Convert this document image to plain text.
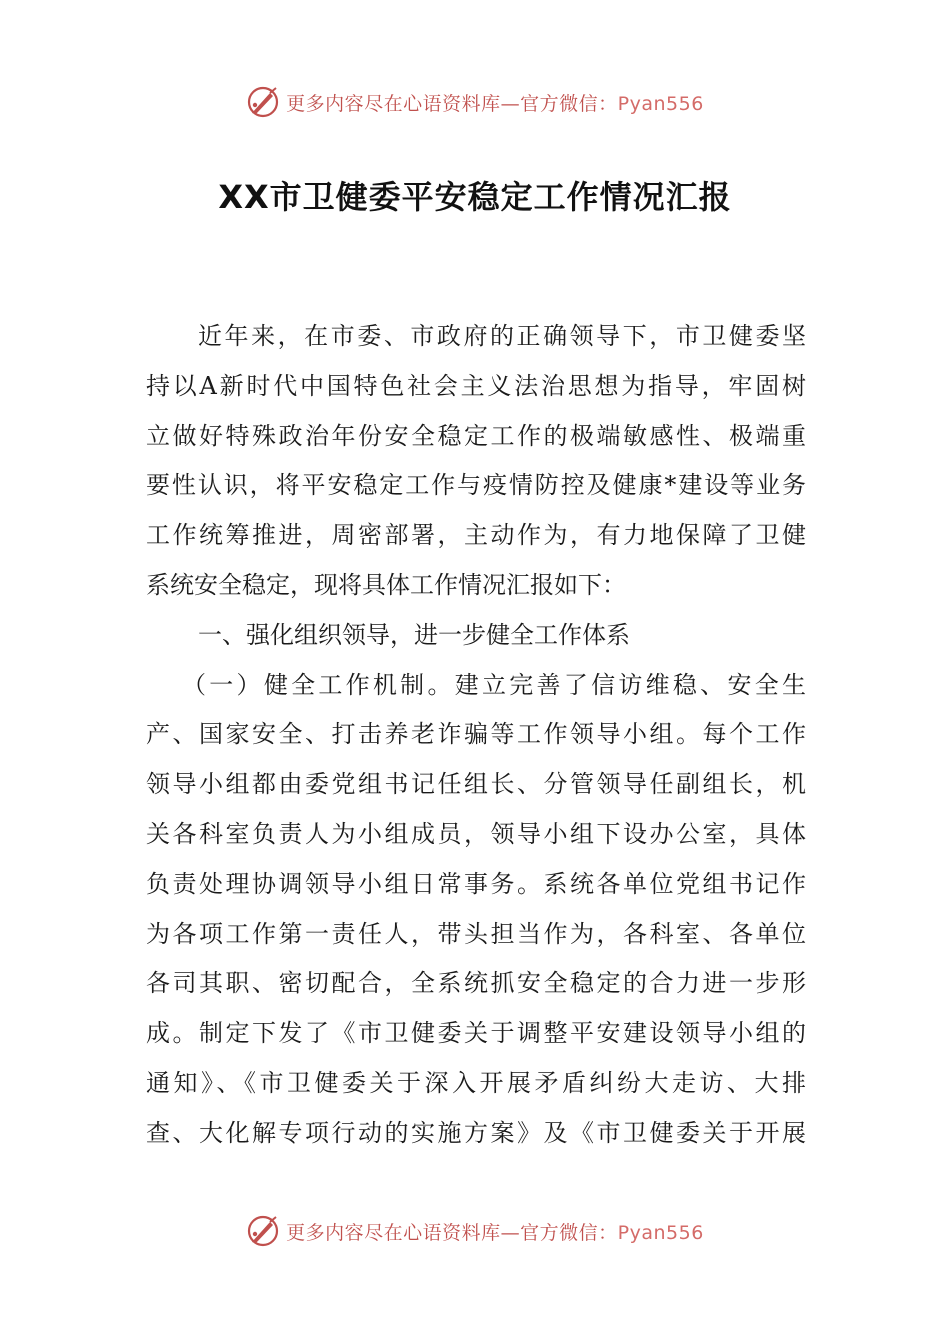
更多内容尽在心语资料库—官方微信：Pyan556
XX市卫健委平安稳定工作情况汇报
近年来，在市委、市政府的正确领导下，市卫健委坚
持以A新时代中国特色社会主义法治思想为指导，牢固树
立做好特殊政治年份安全稳定工作的极端敏感性、极端重
要性认识，将平安稳定工作与疫情防控及健康*建设等业务
工作统筹推进，周密部署，主动作为，有力地保障了卫健
系统安全稳定，现将具体工作情况汇报如下：
一、强化组织领导，进一步健全工作体系
（一）健全工作机制。建立完善了信访维稳、安全生
产、国家安全、打击养老诈骗等工作领导小组。每个工作
领导小组都由委党组书记任组长、分管领导任副组长，机
关各科室负责人为小组成员，领导小组下设办公室，具体
负责处理协调领导小组日常事务。系统各单位党组书记作
为各项工作第一责任人，带头担当作为，各科室、各单位
各司其职、密切配合，全系统抓安全稳定的合力进一步形
成。制定下发了《市卫健委关于调整平安建设领导小组的
通知》、《市卫健委关于深入开展矛盾纠纷大走访、大排
查、大化解专项行动的实施方案》及《市卫健委关于开展
更多内容尽在心语资料库—官方微信：Pyan556
